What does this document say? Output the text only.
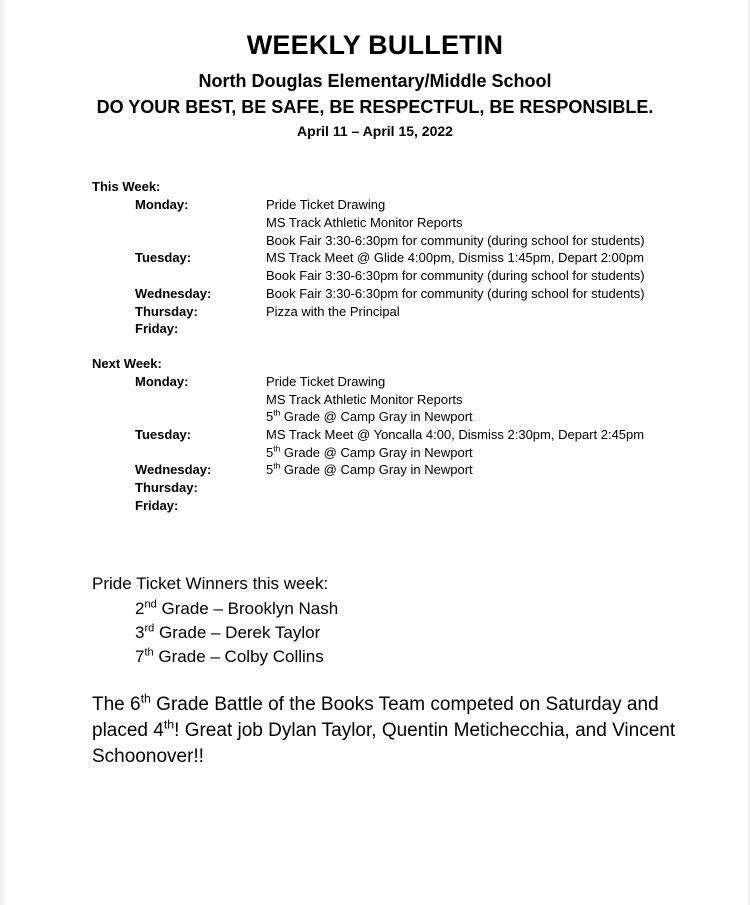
WEEKLY BULLETIN
North Douglas Elementary/Middle School
DO YOUR BEST, BE SAFE, BE RESPECTFUL, BE RESPONSIBLE.
April 11 – April 15, 2022
This Week:
Monday:	Pride Ticket Drawing
MS Track Athletic Monitor Reports
Book Fair 3:30-6:30pm for community (during school for students)
Tuesday:	MS Track Meet @ Glide 4:00pm, Dismiss 1:45pm, Depart 2:00pm
Book Fair 3:30-6:30pm for community (during school for students)
Wednesday:	Book Fair 3:30-6:30pm for community (during school for students)
Thursday:	Pizza with the Principal
Friday:
Next Week:
Monday:	Pride Ticket Drawing
MS Track Athletic Monitor Reports
5th Grade @ Camp Gray in Newport
Tuesday:	MS Track Meet @ Yoncalla 4:00, Dismiss 2:30pm, Depart 2:45pm
5th Grade @ Camp Gray in Newport
Wednesday:	5th Grade @ Camp Gray in Newport
Thursday:
Friday:
Pride Ticket Winners this week:
2nd Grade – Brooklyn Nash
3rd Grade – Derek Taylor
7th Grade – Colby Collins
The 6th Grade Battle of the Books Team competed on Saturday and placed 4th! Great job Dylan Taylor, Quentin Metichecchia, and Vincent Schoonover!!
